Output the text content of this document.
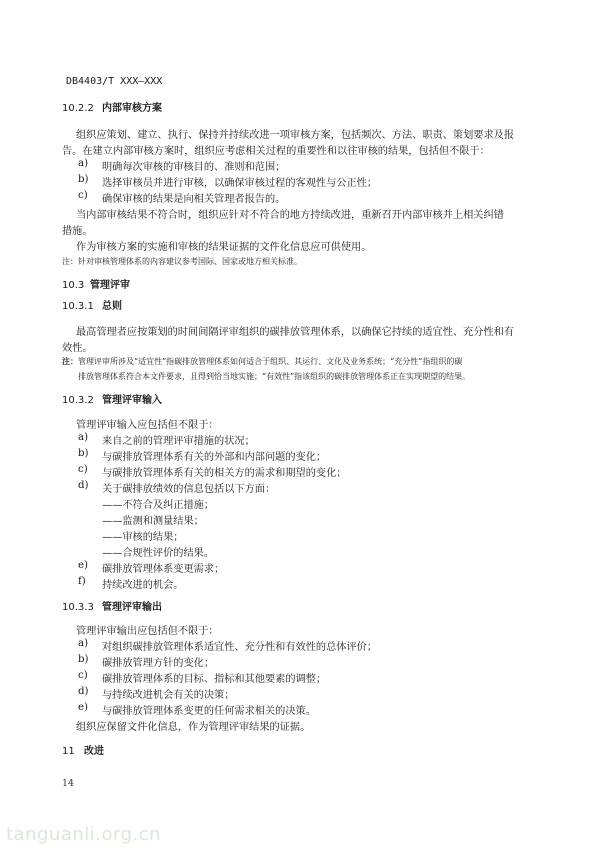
DB4403/T XXX—XXX
10.2.2 内部审核方案
组织应策划、建立、执行、保持并持续改进一项审核方案，包括频次、方法、职责、策划要求及报
告。在建立内部审核方案时，组织应考虑相关过程的重要性和以往审核的结果，包括但不限于：
a) 明确每次审核的审核目的、准则和范围；
b) 选择审核员并进行审核，以确保审核过程的客观性与公正性；
c) 确保审核的结果是向相关管理者报告的。
当内部审核结果不符合时，组织应针对不符合的地方持续改进，重新召开内部审核并上相关纠错
措施。
作为审核方案的实施和审核的结果证据的文件化信息应可供使用。
注：针对审核管理体系的内容建议参考国际、国家或地方相关标准。
10.3 管理评审
10.3.1 总则
最高管理者应按策划的时间间隔评审组织的碳排放管理体系，以确保它持续的适宜性、充分性和有
效性。
注：管理评审所涉及“适宜性”指碳排放管理体系如何适合于组织、其运行、文化及业务系统；“充分性”指组织的碳
排放管理体系符合本文件要求，且得到恰当地实施；“有效性”指该组织的碳排放管理体系正在实现期望的结果。
10.3.2 管理评审输入
管理评审输入应包括但不限于：
a) 来自之前的管理评审措施的状况；
b) 与碳排放管理体系有关的外部和内部问题的变化；
c) 与碳排放管理体系有关的相关方的需求和期望的变化；
d) 关于碳排放绩效的信息包括以下方面：
——不符合及纠正措施；
——监测和测量结果；
——审核的结果；
——合规性评价的结果。
e) 碳排放管理体系变更需求；
f) 持续改进的机会。
10.3.3 管理评审输出
管理评审输出应包括但不限于：
a) 对组织碳排放管理体系适宜性、充分性和有效性的总体评价；
b) 碳排放管理方针的变化；
c) 碳排放管理体系的目标、指标和其他要素的调整；
d) 与持续改进机会有关的决策；
e) 与碳排放管理体系变更的任何需求相关的决策。
组织应保留文件化信息，作为管理评审结果的证据。
11 改进
14
tanguanli.org.cn
